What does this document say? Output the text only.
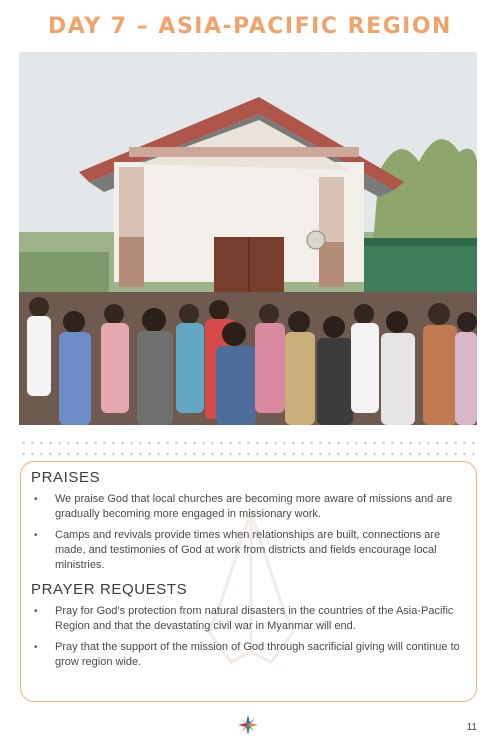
DAY 7 – ASIA-PACIFIC REGION
PRAISES
• We praise God that local churches are becoming more aware of missions and are gradually becoming more engaged in missionary work.
• Camps and revivals provide times when relationships are built, connections are made, and testimonies of God at work from districts and fields encourage local ministries.
PRAYER REQUESTS
• Pray for God’s protection from natural disasters in the countries of the Asia-Pacific Region and that the devastating civil war in Myanmar will end.
• Pray that the support of the mission of God through sacrificial giving will continue to grow region wide.
11
